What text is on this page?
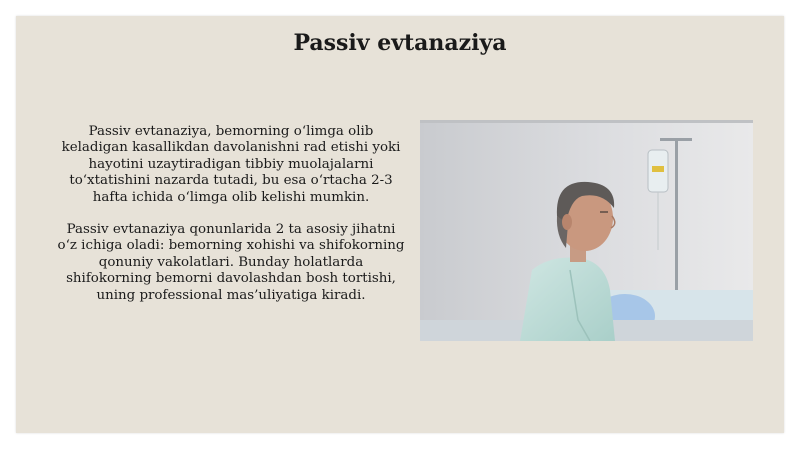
Passiv evtanaziya

Passiv evtanaziya, bemorning o‘limga olib keladigan kasallikdan davolanishni rad etishi yoki hayotini uzaytiradigan tibbiy muolajalarni to‘xtatishini nazarda tutadi, bu esa o‘rtacha 2-3 hafta ichida o‘limga olib kelishi mumkin.

Passiv evtanaziya qonunlarida 2 ta asosiy jihatni o‘z ichiga oladi: bemorning xohishi va shifokorning qonuniy vakolatlari. Bunday holatlarda shifokorning bemorni davolashdan bosh tortishi, uning professional mas’uliyatiga kiradi.
